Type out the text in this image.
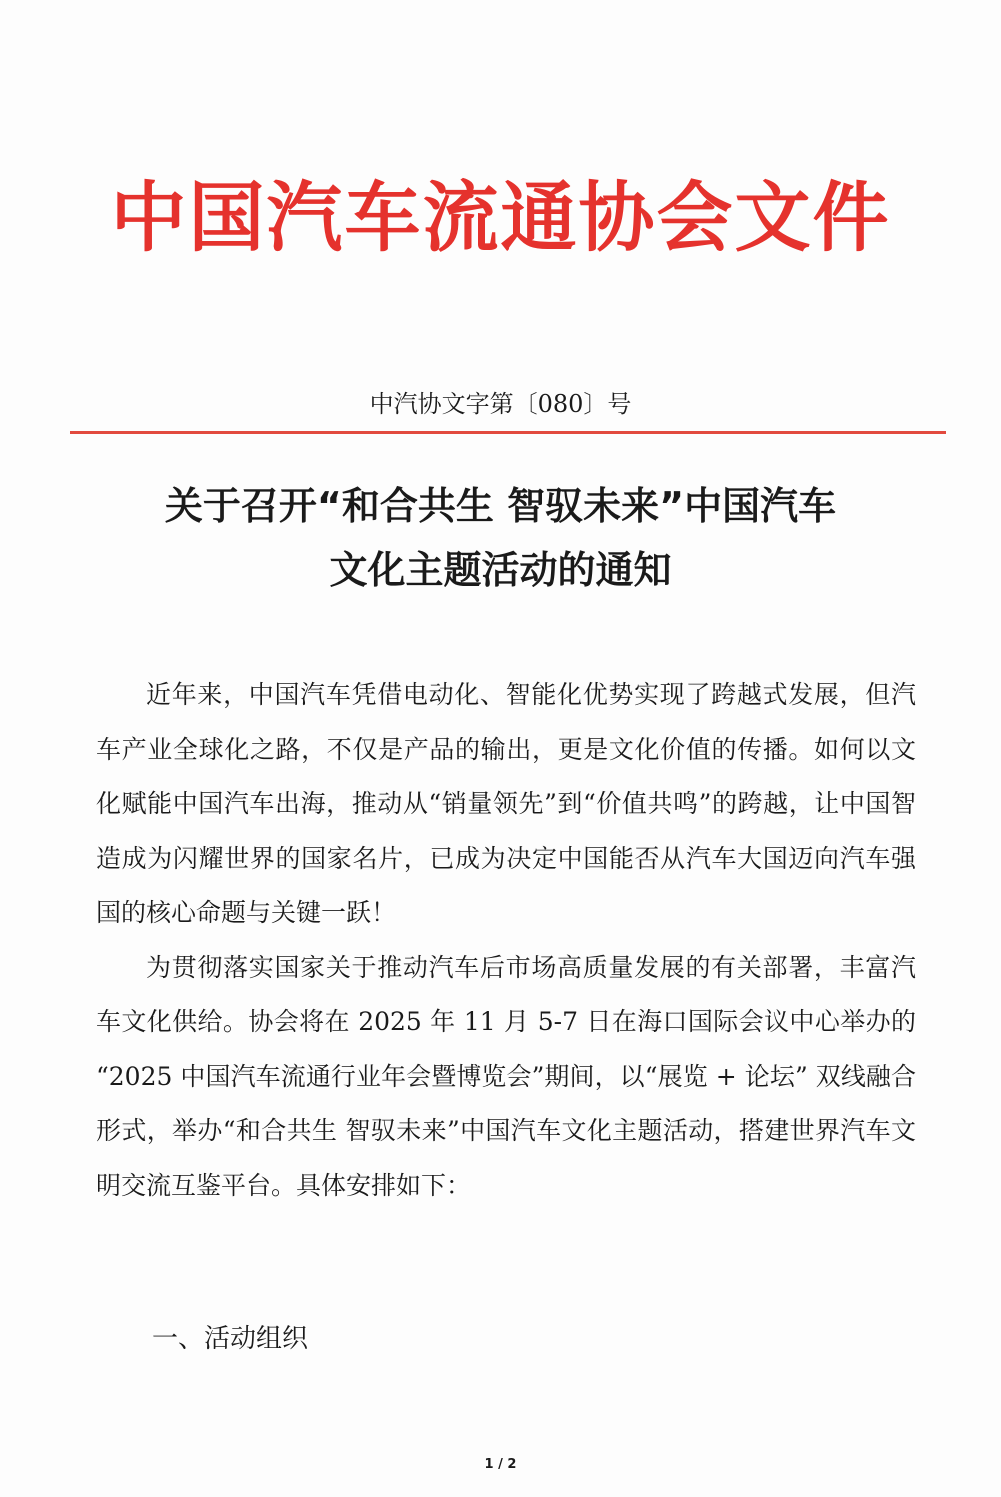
中国汽车流通协会文件
中汽协文字第〔080〕号
关于召开“和合共生 智驭未来”中国汽车
文化主题活动的通知

近年来，中国汽车凭借电动化、智能化优势实现了跨越式发展，但汽车产业全球化之路，不仅是产品的输出，更是文化价值的传播。如何以文化赋能中国汽车出海，推动从“销量领先”到“价值共鸣”的跨越，让中国智造成为闪耀世界的国家名片，已成为决定中国能否从汽车大国迈向汽车强国的核心命题与关键一跃！

为贯彻落实国家关于推动汽车后市场高质量发展的有关部署，丰富汽车文化供给。协会将在 2025 年 11 月 5-7 日在海口国际会议中心举办的 “2025 中国汽车流通行业年会暨博览会”期间，以“展览 + 论坛” 双线融合形式，举办“和合共生 智驭未来”中国汽车文化主题活动，搭建世界汽车文明交流互鉴平台。具体安排如下：

一、活动组织
1 / 2
